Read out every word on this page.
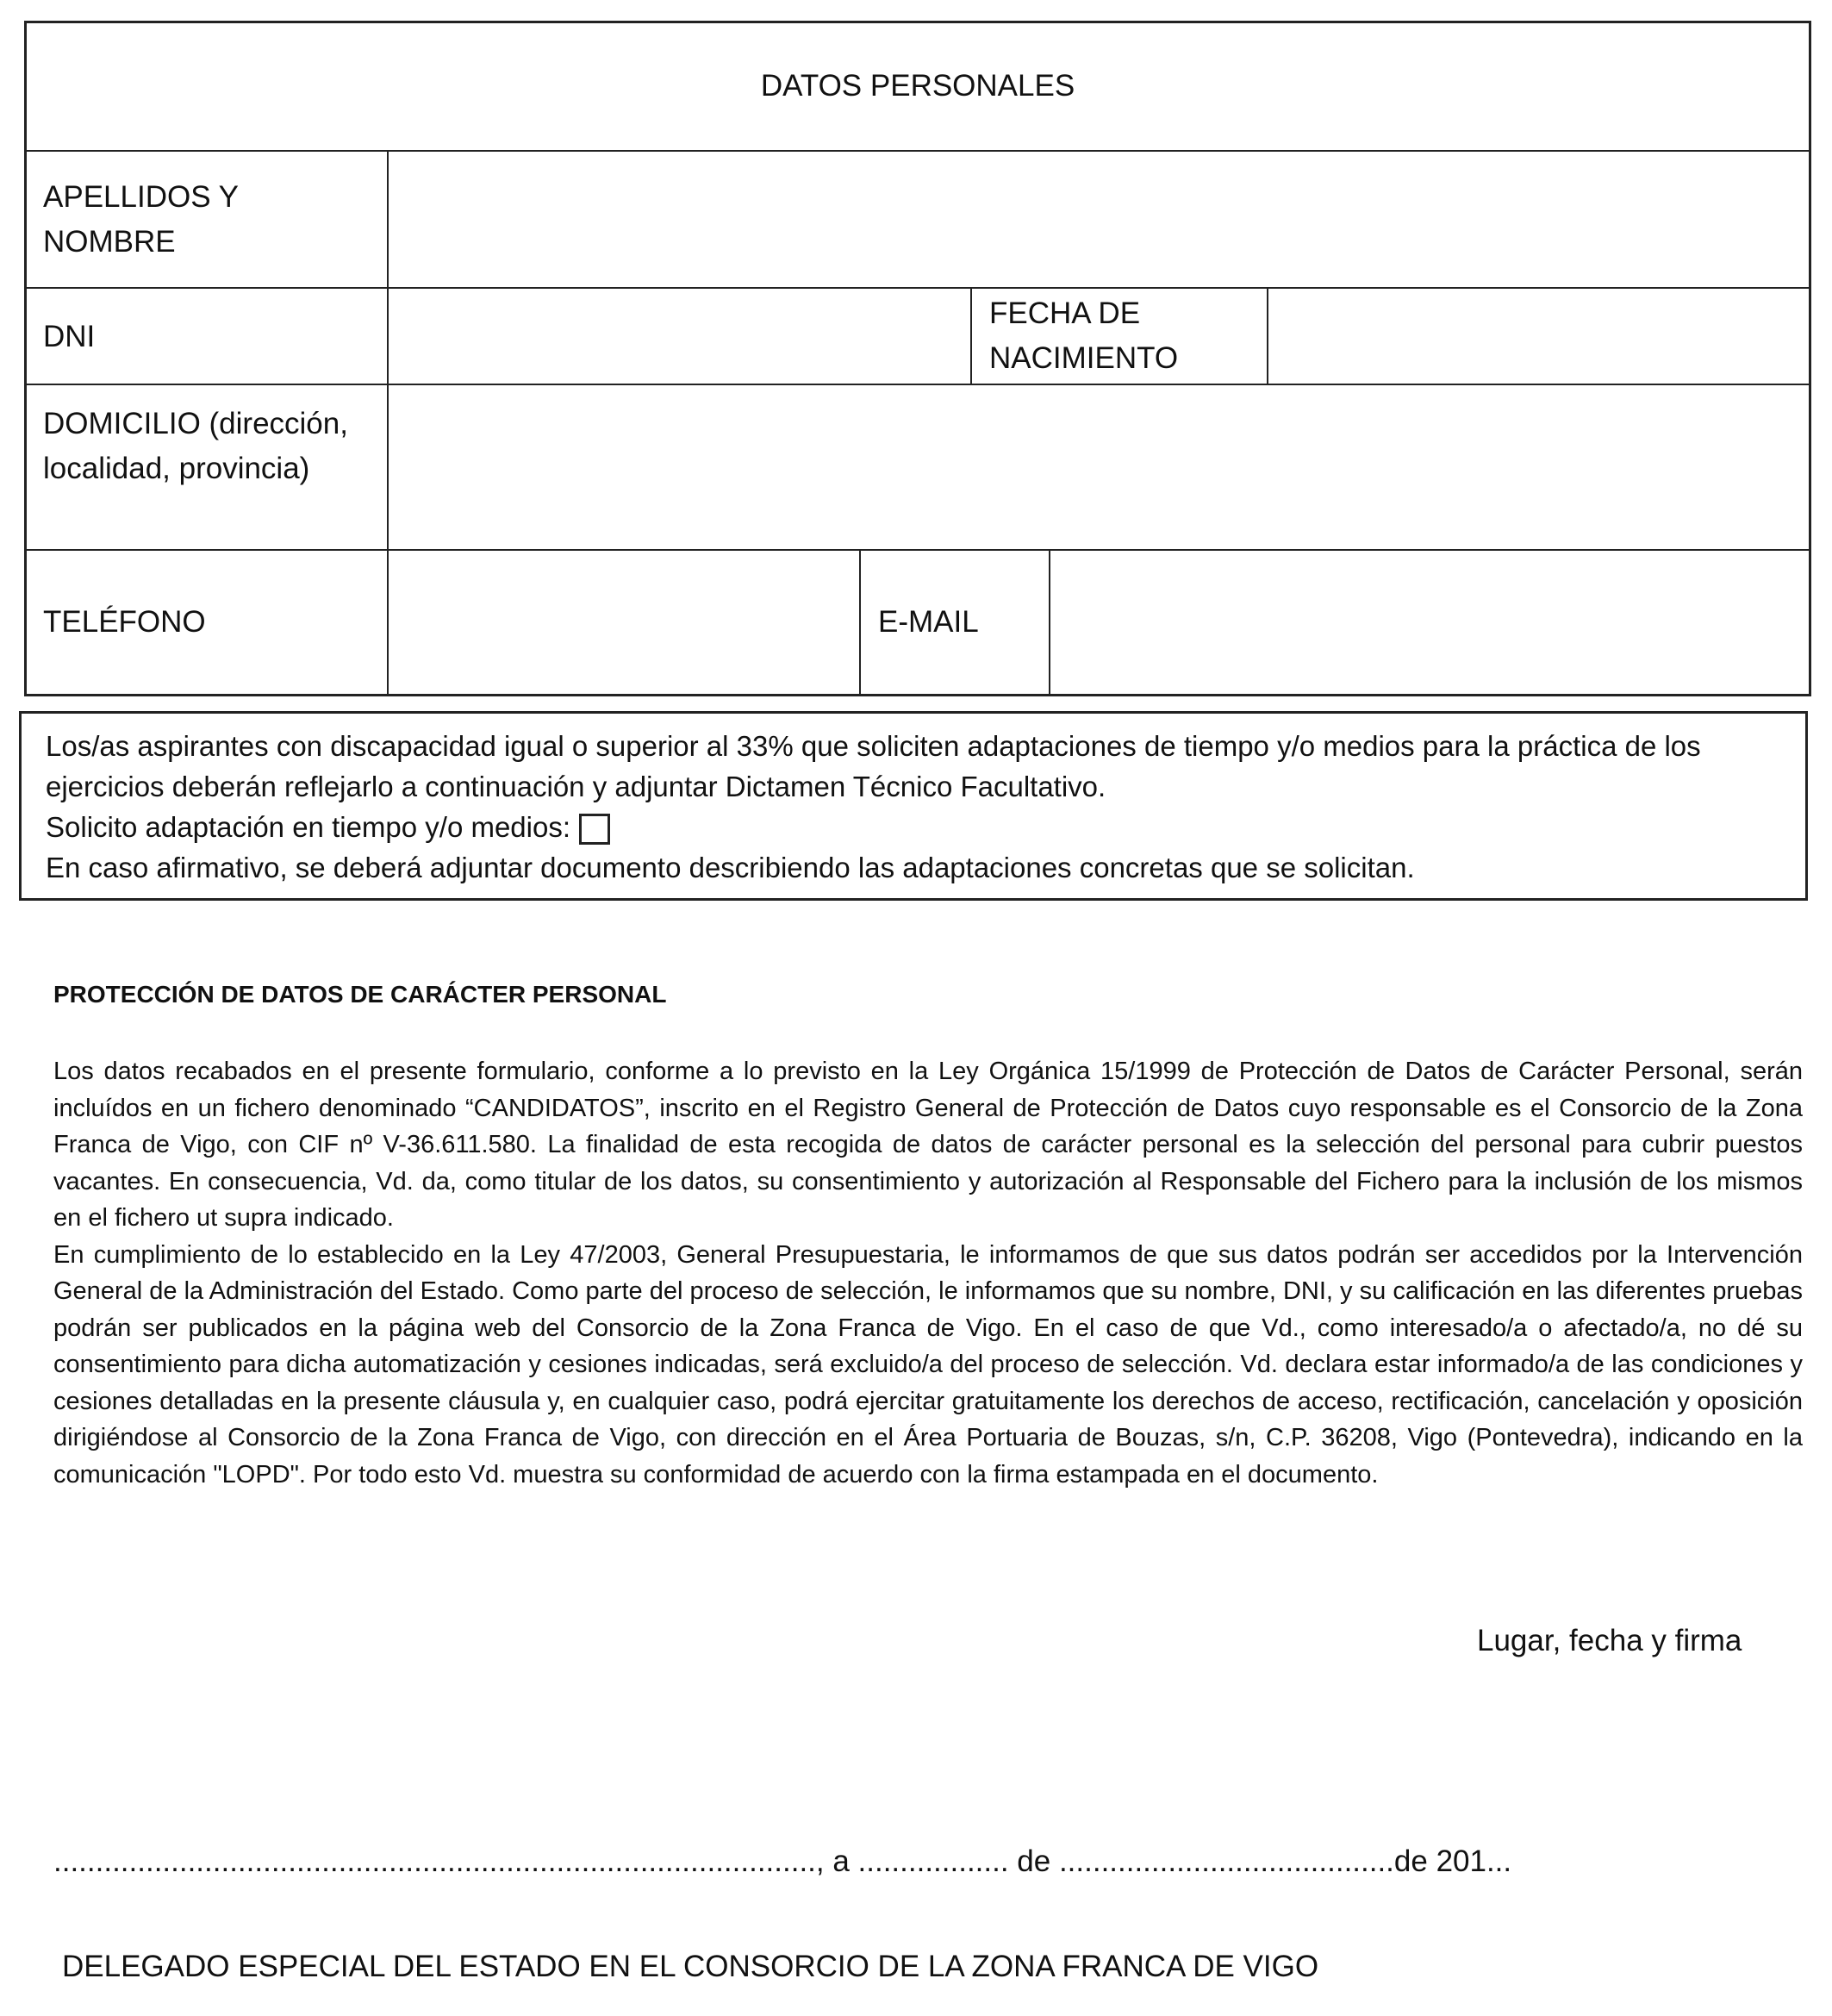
DATOS PERSONALES
APELLIDOS Y NOMBRE
DNI
FECHA DE NACIMIENTO
DOMICILIO (dirección, localidad, provincia)
TELÉFONO	E-MAIL
Los/as aspirantes con discapacidad igual o superior al 33% que soliciten adaptaciones de tiempo y/o medios para la práctica de los ejercicios deberán reflejarlo a continuación y adjuntar Dictamen Técnico Facultativo.
Solicito adaptación en tiempo y/o medios:
En caso afirmativo, se deberá adjuntar documento describiendo las adaptaciones concretas que se solicitan.
PROTECCIÓN DE DATOS DE CARÁCTER PERSONAL

Los datos recabados en el presente formulario, conforme a lo previsto en la Ley Orgánica 15/1999 de Protección de Datos de Carácter Personal, serán incluídos en un fichero denominado “CANDIDATOS”, inscrito en el Registro General de Protección de Datos cuyo responsable es el Consorcio de la Zona Franca de Vigo, con CIF nº V-36.611.580. La finalidad de esta recogida de datos de carácter personal es la selección del personal para cubrir puestos vacantes. En consecuencia, Vd. da, como titular de los datos, su consentimiento y autorización al Responsable del Fichero para la inclusión de los mismos en el fichero ut supra indicado.

En cumplimiento de lo establecido en la Ley 47/2003, General Presupuestaria, le informamos de que sus datos podrán ser accedidos por la Intervención General de la Administración del Estado. Como parte del proceso de selección, le informamos que su nombre, DNI, y su calificación en las diferentes pruebas podrán ser publicados en la página web del Consorcio de la Zona Franca de Vigo. En el caso de que Vd., como interesado/a o afectado/a, no dé su consentimiento para dicha automatización y cesiones indicadas, será excluido/a del proceso de selección. Vd. declara estar informado/a de las condiciones y cesiones detalladas en la presente cláusula y, en cualquier caso, podrá ejercitar gratuitamente los derechos de acceso, rectificación, cancelación y oposición dirigiéndose al Consorcio de la Zona Franca de Vigo, con dirección en el Área Portuaria de Bouzas, s/n, C.P. 36208, Vigo (Pontevedra), indicando en la comunicación "LOPD". Por todo esto Vd. muestra su conformidad de acuerdo con la firma estampada en el documento.

Lugar, fecha y firma
..........................................................................................., a .................. de ........................................de 201...
DELEGADO ESPECIAL DEL ESTADO EN EL CONSORCIO DE LA ZONA FRANCA DE VIGO
